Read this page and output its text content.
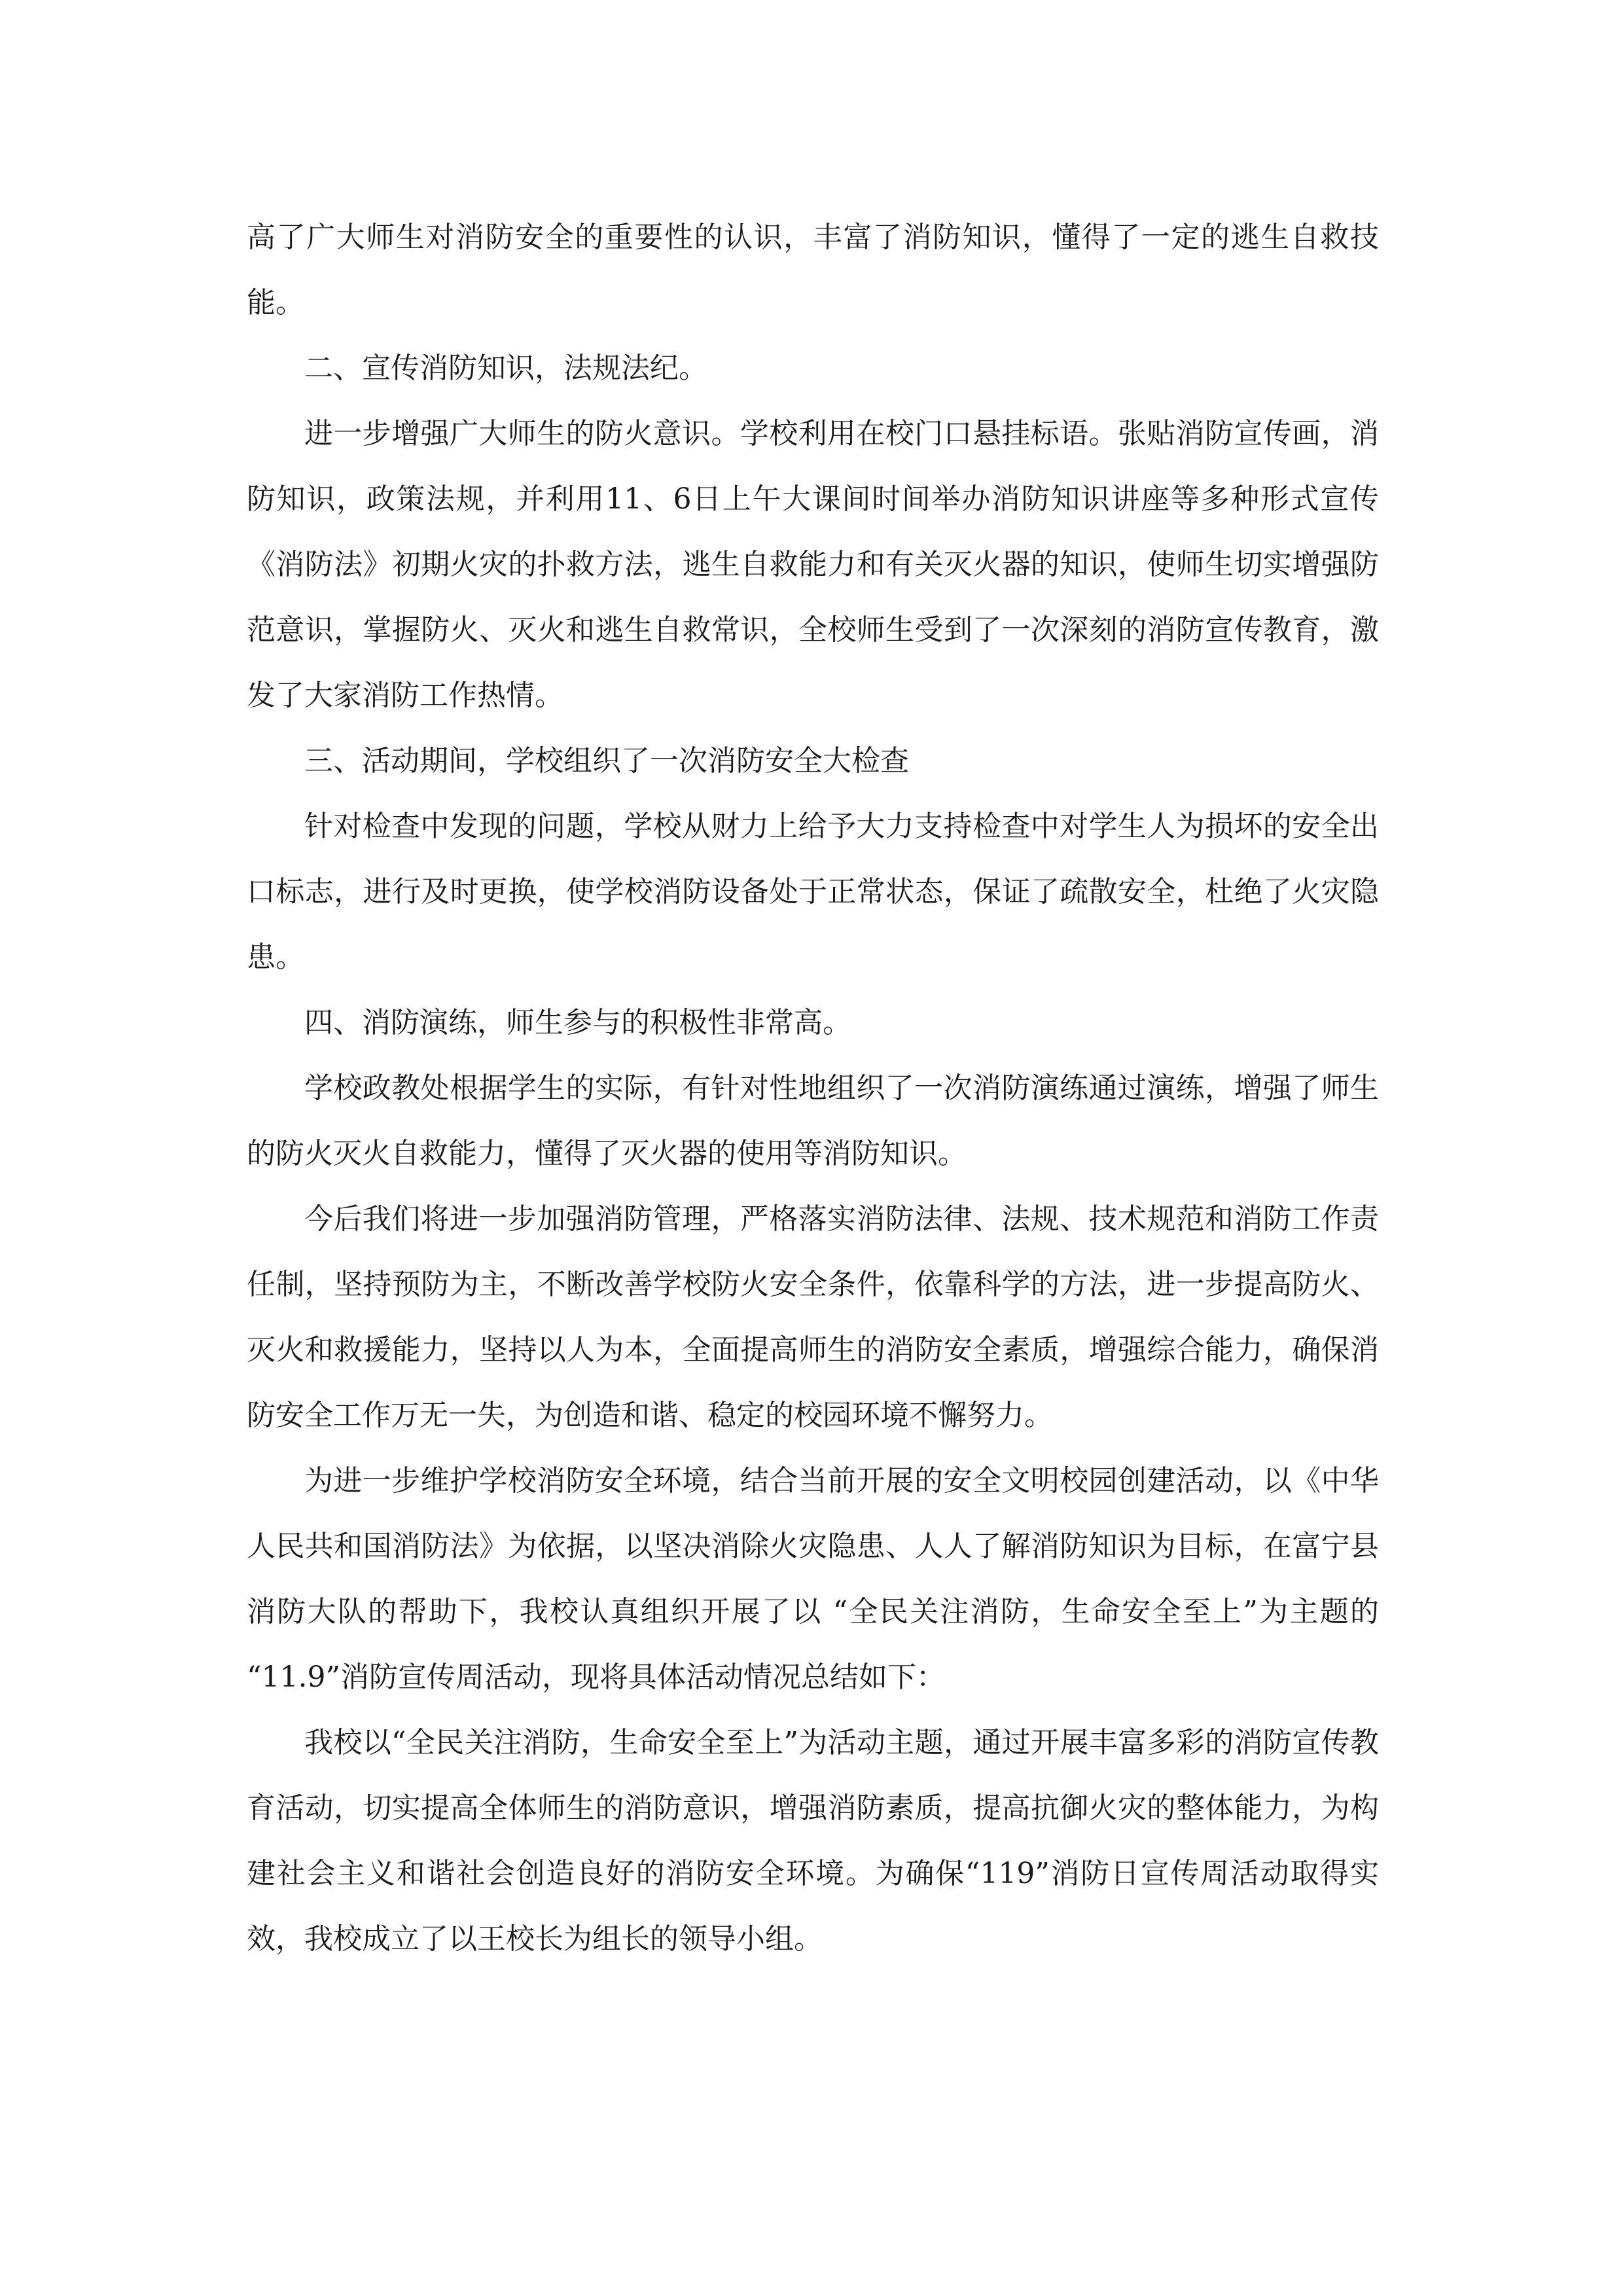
高了广大师生对消防安全的重要性的认识，丰富了消防知识，懂得了一定的逃生自救技能。

二、宣传消防知识，法规法纪。

进一步增强广大师生的防火意识。学校利用在校门口悬挂标语。张贴消防宣传画，消防知识，政策法规，并利用11、6日上午大课间时间举办消防知识讲座等多种形式宣传《消防法》初期火灾的扑救方法，逃生自救能力和有关灭火器的知识，使师生切实增强防范意识，掌握防火、灭火和逃生自救常识，全校师生受到了一次深刻的消防宣传教育，激发了大家消防工作热情。

三、活动期间，学校组织了一次消防安全大检查

针对检查中发现的问题，学校从财力上给予大力支持检查中对学生人为损坏的安全出口标志，进行及时更换，使学校消防设备处于正常状态，保证了疏散安全，杜绝了火灾隐患。

四、消防演练，师生参与的积极性非常高。

学校政教处根据学生的实际，有针对性地组织了一次消防演练通过演练，增强了师生的防火灭火自救能力，懂得了灭火器的使用等消防知识。

今后我们将进一步加强消防管理，严格落实消防法律、法规、技术规范和消防工作责任制，坚持预防为主，不断改善学校防火安全条件，依靠科学的方法，进一步提高防火、灭火和救援能力，坚持以人为本，全面提高师生的消防安全素质，增强综合能力，确保消防安全工作万无一失，为创造和谐、稳定的校园环境不懈努力。

为进一步维护学校消防安全环境，结合当前开展的安全文明校园创建活动，以《中华人民共和国消防法》为依据，以坚决消除火灾隐患、人人了解消防知识为目标，在富宁县消防大队的帮助下，我校认真组织开展了以 “全民关注消防，生命安全至上”为主题的 “11.9”消防宣传周活动，现将具体活动情况总结如下：

我校以“全民关注消防，生命安全至上”为活动主题，通过开展丰富多彩的消防宣传教育活动，切实提高全体师生的消防意识，增强消防素质，提高抗御火灾的整体能力，为构建社会主义和谐社会创造良好的消防安全环境。为确保“119”消防日宣传周活动取得实效，我校成立了以王校长为组长的领导小组。
